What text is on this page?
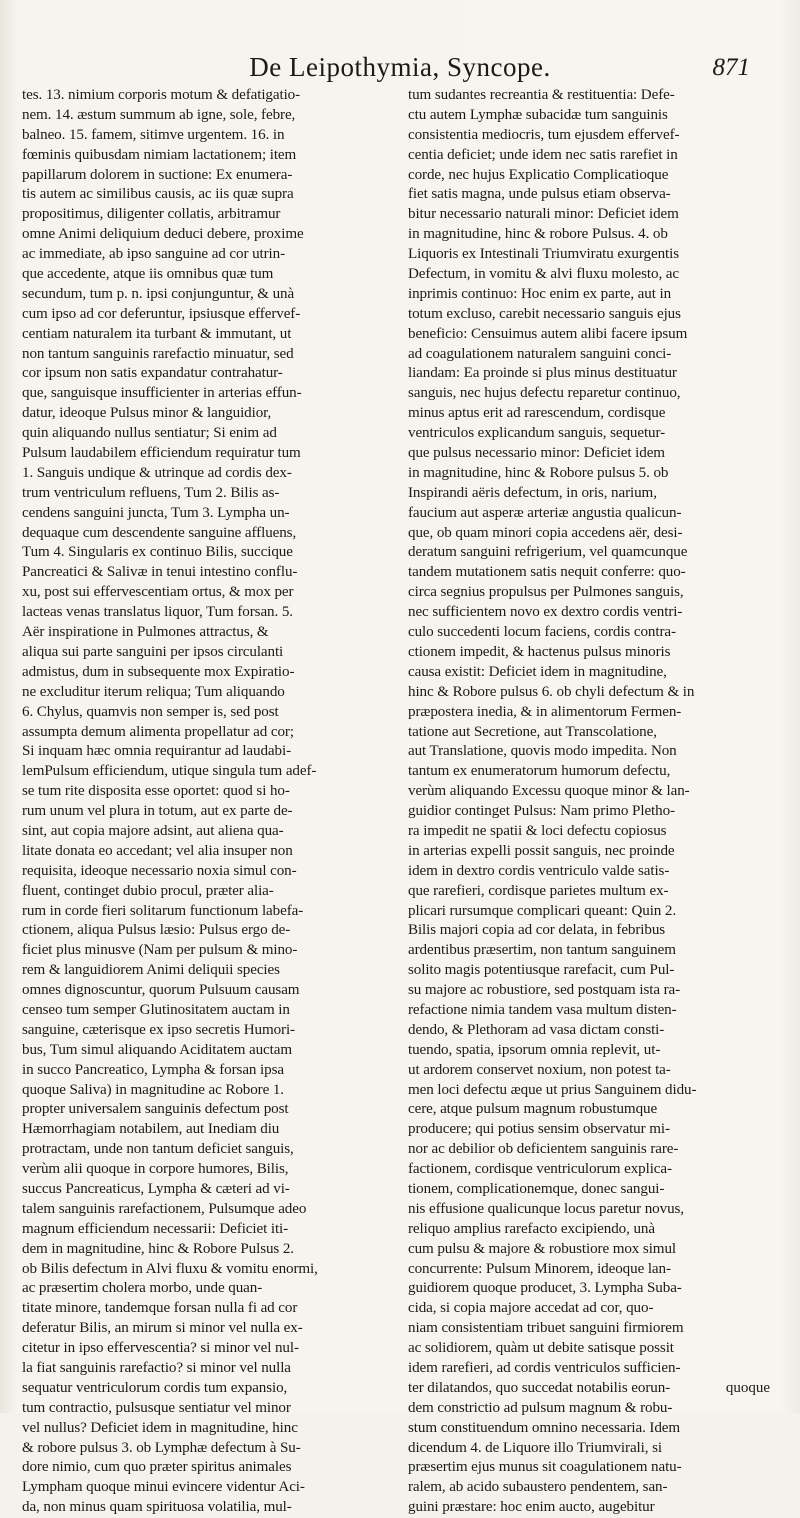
De Leipothymia, Syncope.	871
tes. 13. nimium corporis motum & defatigatio-
nem. 14. æstum summum ab igne, sole, febre,
balneo. 15. famem, sitimve urgentem. 16. in
fœminis quibusdam nimiam lactationem; item
papillarum dolorem in suctione: Ex enumera-
tis autem ac similibus causis, ac iis quæ supra
propositimus, diligenter collatis, arbitramur
omne Animi deliquium deduci debere, proxime
ac immediate, ab ipso sanguine ad cor utrin-
que accedente, atque iis omnibus quæ tum
secundum, tum p. n. ipsi conjunguntur, & unà
cum ipso ad cor deferuntur, ipsiusque effervef-
centiam naturalem ita turbant & immutant, ut
non tantum sanguinis rarefactio minuatur, sed
cor ipsum non satis expandatur contrahatur-
que, sanguisque insufficienter in arterias effun-
datur, ideoque Pulsus minor & languidior,
quin aliquando nullus sentiatur; Si enim ad
Pulsum laudabilem efficiendum requiratur tum
1. Sanguis undique & utrinque ad cordis dex-
trum ventriculum refluens, Tum 2. Bilis as-
cendens sanguini juncta, Tum 3. Lympha un-
dequaque cum descendente sanguine affluens,
Tum 4. Singularis ex continuo Bilis, succique
Pancreatici & Salivæ in tenui intestino conflu-
xu, post sui effervescentiam ortus, & mox per
lacteas venas translatus liquor, Tum forsan. 5.
Aër inspiratione in Pulmones attractus, &
aliqua sui parte sanguini per ipsos circulanti
admistus, dum in subsequente mox Expiratio-
ne excluditur iterum reliqua; Tum aliquando
6. Chylus, quamvis non semper is, sed post
assumpta demum alimenta propellatur ad cor;
Si inquam hæc omnia requirantur ad laudabi-
lemPulsum efficiendum, utique singula tum adef-
se tum rite dispositа esse oportet: quod si ho-
rum unum vel plura in totum, aut ex parte de-
sint, aut copia majore adsint, aut aliena qua-
litate donata eo accedant; vel alia insuper non
requisita, ideoque necessario noxia simul con-
fluent, continget dubio procul, præter alia-
rum in corde fieri solitarum functionum labefa-
ctionem, aliqua Pulsus læsio: Pulsus ergo de-
ficiet plus minusve (Nam per pulsum & mino-
rem & languidiorem Animi deliquii species
omnes dignoscuntur, quorum Pulsuum causam
censeo tum semper Glutinositatem auctam in
sanguine, cæterisque ex ipso secretis Humori-
bus, Tum simul aliquando Aciditatem auctam
in succo Pancreatico, Lympha & forsan ipsa
quoque Saliva) in magnitudine ac Robore 1.
propter universalem sanguinis defectum post
Hæmorrhagiam notabilem, aut Inediam diu
protractam, unde non tantum deficiet sanguis,
verùm alii quoque in corpore humores, Bilis,
succus Pancreaticus, Lympha & cæteri ad vi-
talem sanguinis rarefactionem, Pulsumque adeo
magnum efficiendum necessarii: Deficiet iti-
dem in magnitudine, hinc & Robore Pulsus 2.
ob Bilis defectum in Alvi fluxu & vomitu enormi,
ac præsertim cholera morbo, unde quan-
titate minore, tandemque forsan nulla fi ad cor
deferatur Bilis, an mirum si minor vel nulla ex-
citetur in ipso effervescentia? si minor vel nul-
la fiat sanguinis rarefactio? si minor vel nulla
sequatur ventriculorum cordis tum expansio,
tum contractio, pulsusque sentiatur vel minor
vel nullus? Deficiet idem in magnitudine, hinc
& robore pulsus 3. ob Lymphæ defectum à Su-
dore nimio, cum quo præter spiritus animales
Lympham quoque minui evincere videntur Aci-
da, non minus quam spirituosa volatilia, mul-
tum sudantes recreantia & restituentia: Defe-
ctu autem Lymphæ subacidæ tum sanguinis
consistentia mediocris, tum ejusdem effervef-
centia deficiet; unde idem nec satis rarefiet in
corde, nec hujus Explicatio Complicatioque
fiet satis magna, unde pulsus etiam observa-
bitur necessario naturali minor: Deficiet idem
in magnitudine, hinc & robore Pulsus. 4. ob
Liquoris ex Intestinali Triumviratu exurgentis
Defectum, in vomitu & alvi fluxu molesto, ac
inprimis continuo: Hoc enim ex parte, aut in
totum excluso, carebit necessario sanguis ejus
beneficio: Censuimus autem alibi facere ipsum
ad coagulationem naturalem sanguini conci-
liandam: Ea proinde si plus minus destituatur
sanguis, nec hujus defectu reparetur continuo,
minus aptus erit ad rarescendum, cordisque
ventriculos explicandum sanguis, sequetur-
que pulsus necessario minor: Deficiet idem
in magnitudine, hinc & Robore pulsus 5. ob
Inspirandi aëris defectum, in oris, narium,
faucium aut asperæ arteriæ angustia qualicun-
que, ob quam minori copia accedens aër, desi-
deratum sanguini refrigerium, vel quamcunque
tandem mutationem satis nequit conferre: quo-
circa segnius propulsus per Pulmones sanguis,
nec sufficientem novo ex dextro cordis ventri-
culo succedenti locum faciens, cordis contra-
ctionem impedit, & hactenus pulsus minoris
causa existit: Deficiet idem in magnitudine,
hinc & Robore pulsus 6. ob chyli defectum & in
præpostera inedia, & in alimentorum Fermen-
tatione aut Secretione, aut Transcolatione,
aut Translatione, quovis modo impedita. Non
tantum ex enumeratorum humorum defectu,
verùm aliquando Excessu quoque minor & lan-
guidior continget Pulsus: Nam primo Pletho-
ra impedit ne spatii & loci defectu copiosus
in arterias expelli possit sanguis, nec proinde
idem in dextro cordis ventriculo valde satis-
que rarefieri, cordisque parietes multum ex-
plicari rursumque complicari queant: Quin 2.
Bilis majori copia ad cor delata, in febribus
ardentibus præsertim, non tantum sanguinem
solito magis potentiusque rarefacit, cum Pul-
su majore ac robustiore, sed postquam ista ra-
refactione nimia tandem vasa multum disten-
dendo, & Plethoram ad vasa dictam consti-
tuendo, spatia, ipsorum omnia replevit, ut-
ut ardorem conservet noxium, non potest ta-
men loci defectu æque ut prius Sanguinem didu-
cere, atque pulsum magnum robustumque
producere; qui potius sensim observatur mi-
nor ac debilior ob deficientem sanguinis rare-
factionem, cordisque ventriculorum explica-
tionem, complicationemque, donec sangui-
nis effusione qualicunque locus paretur novus,
reliquo amplius rarefacto excipiendo, unà
cum pulsu & majore & robustiore mox simul
concurrente: Pulsum Minorem, ideoque lan-
guidiorem quoque producet, 3. Lympha Suba-
cida, si copia majore accedat ad cor, quo-
niam consistentiam tribuet sanguini firmiorem
ac solidiorem, quàm ut debite satisque possit
idem rarefieri, ad cordis ventriculos sufficien-
ter dilatandos, quo succedat notabilis eorun-
dem constrictio ad pulsum magnum & robu-
stum constituendum omnino necessaria. Idem
dicendum 4. de Liquore illo Triumvirali, si
præsertim ejus munus sit coagulationem natu-
ralem, ab acido subaustero pendentem, san-
guini præstare: hoc enim aucto, augebitur
quoque
